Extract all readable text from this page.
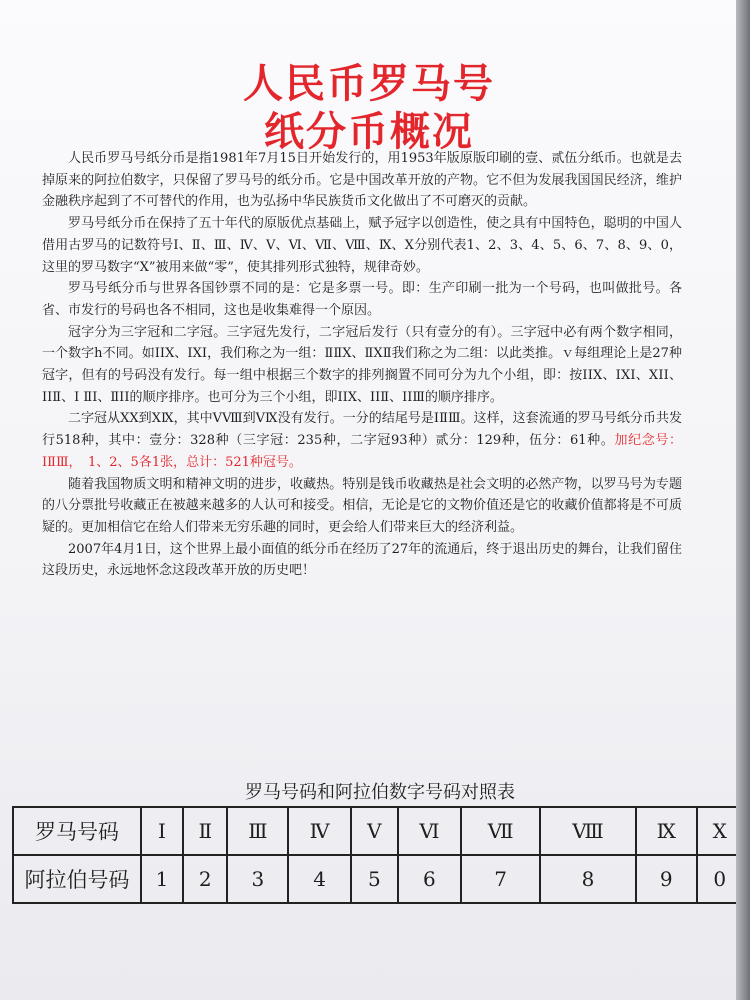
人民币罗马号
纸分币概况

人民币罗马号纸分币是指1981年7月15日开始发行的，用1953年版原版印刷的壹、贰伍分纸币。也就是去掉原来的阿拉伯数字，只保留了罗马号的纸分币。它是中国改革开放的产物。它不但为发展我国国民经济，维护金融秩序起到了不可替代的作用，也为弘扬中华民族货币文化做出了不可磨灭的贡献。

罗马号纸分币在保持了五十年代的原版优点基础上，赋予冠字以创造性，使之具有中国特色，聪明的中国人借用古罗马的记数符号Ⅰ、Ⅱ、Ⅲ、Ⅳ、Ⅴ、Ⅵ、Ⅶ、Ⅷ、Ⅸ、Ⅹ分别代表1、2、3、4、5、6、7、8、9、0，这里的罗马数字“Ⅹ”被用来做“零”，使其排列形式独特，规律奇妙。

罗马号纸分币与世界各国钞票不同的是：它是多票一号。即：生产印刷一批为一个号码，也叫做批号。各省、市发行的号码也各不相同，这也是收集难得一个原因。

冠字分为三字冠和二字冠。三字冠先发行，二字冠后发行（只有壹分的有）。三字冠中必有两个数字相同，一个数字h不同。如ⅠⅠⅩ、ⅠⅩⅠ，我们称之为一组：ⅡⅡⅩ、ⅡⅩⅡ我们称之为二组：以此类推。ｖ每组理论上是27种冠字，但有的号码没有发行。每一组中根据三个数字的排列搁置不同可分为九个小组，即：按ⅠⅠⅩ、ⅠⅩⅠ、ⅩⅠⅠ、ⅠⅠⅡ、Ⅰ ⅡⅠ、ⅡⅠⅠ的顺序排序。也可分为三个小组，即ⅠⅠⅩ、ⅠⅠⅡ、ⅠⅠⅢ的顺序排序。

二字冠从ⅩⅩ到ⅩⅨ，其中ⅤⅧ到ⅤⅨ没有发行。一分的结尾号是ⅠⅡⅢ。这样，这套流通的罗马号纸分币共发行518种，其中：壹分：328种（三字冠：235种，二字冠93种）贰分：129种，伍分：61种。加纪念号：ⅠⅡⅢ，　1、2、5各1张，总计：521种冠号。

随着我国物质文明和精神文明的进步，收藏热。特别是钱币收藏热是社会文明的必然产物，以罗马号为专题的八分票批号收藏正在被越来越多的人认可和接受。相信，无论是它的文物价值还是它的收藏价值都将是不可质疑的。更加相信它在给人们带来无穷乐趣的同时，更会给人们带来巨大的经济利益。

2007年4月1日，这个世界上最小面值的纸分币在经历了27年的流通后，终于退出历史的舞台，让我们留住这段历史，永远地怀念这段改革开放的历史吧！

罗马号码和阿拉伯数字号码对照表
罗马号码	Ⅰ	Ⅱ	Ⅲ	Ⅳ	Ⅴ	Ⅵ	Ⅶ	Ⅷ	Ⅸ	Ⅹ
阿拉伯号码	1	2	3	4	5	6	7	8	9	0
